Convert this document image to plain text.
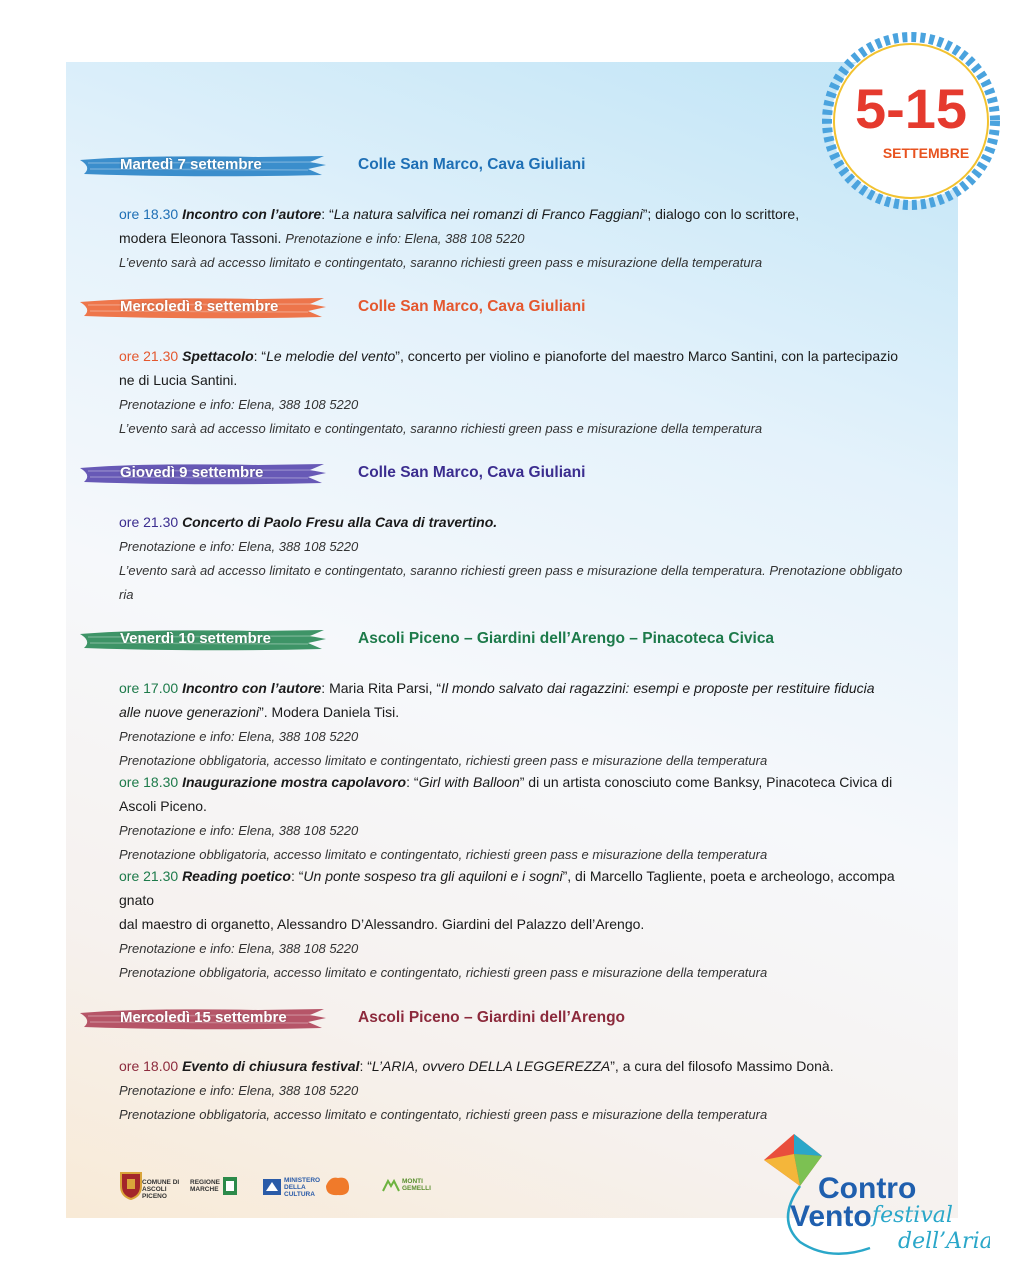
5-15
SETTEMBRE
Martedì 7 settembre	Colle San Marco, Cava Giuliani
ore 18.30 Incontro con l’autore: “La natura salvifica nei romanzi di Franco Faggiani”; dialogo con lo scrittore,
modera Eleonora Tassoni. Prenotazione e info: Elena, 388 108 5220
L’evento sarà ad accesso limitato e contingentato, saranno richiesti green pass e misurazione della temperatura
Mercoledì 8 settembre	Colle San Marco, Cava Giuliani
ore 21.30 Spettacolo: “Le melodie del vento”, concerto per violino e pianoforte del maestro Marco Santini, con la partecipazio
ne di Lucia Santini.
Prenotazione e info: Elena, 388 108 5220
L’evento sarà ad accesso limitato e contingentato, saranno richiesti green pass e misurazione della temperatura
Giovedì 9 settembre	Colle San Marco, Cava Giuliani
ore 21.30 Concerto di Paolo Fresu alla Cava di travertino.
Prenotazione e info: Elena, 388 108 5220
L’evento sarà ad accesso limitato e contingentato, saranno richiesti green pass e misurazione della temperatura. Prenotazione obbligato
ria
Venerdì 10 settembre	Ascoli Piceno – Giardini dell’Arengo – Pinacoteca Civica
ore 17.00 Incontro con l’autore: Maria Rita Parsi, “Il mondo salvato dai ragazzini: esempi e proposte per restituire fiducia
alle nuove generazioni”. Modera Daniela Tisi.
Prenotazione e info: Elena, 388 108 5220
Prenotazione obbligatoria, accesso limitato e contingentato, richiesti green pass e misurazione della temperatura
ore 18.30 Inaugurazione mostra capolavoro: “Girl with Balloon” di un artista conosciuto come Banksy, Pinacoteca Civica di
Ascoli Piceno.
Prenotazione e info: Elena, 388 108 5220
Prenotazione obbligatoria, accesso limitato e contingentato, richiesti green pass e misurazione della temperatura
ore 21.30 Reading poetico: “Un ponte sospeso tra gli aquiloni e i sogni”, di Marcello Tagliente, poeta e archeologo, accompa
gnato
dal maestro di organetto, Alessandro D’Alessandro. Giardini del Palazzo dell’Arengo.
Prenotazione e info: Elena, 388 108 5220
Prenotazione obbligatoria, accesso limitato e contingentato, richiesti green pass e misurazione della temperatura
Mercoledì 15 settembre	Ascoli Piceno – Giardini dell’Arengo
ore 18.00 Evento di chiusura festival: “L’ARIA, ovvero DELLA LEGGEREZZA”, a cura del filosofo Massimo Donà.
Prenotazione e info: Elena, 388 108 5220
Prenotazione obbligatoria, accesso limitato e contingentato, richiesti green pass e misurazione della temperatura
COMUNE DI ASCOLI PICENO
REGIONE MARCHE
MINISTERO DELLA CULTURA
MONTI GEMELLI	Contro
Vento festival
dell’Aria
